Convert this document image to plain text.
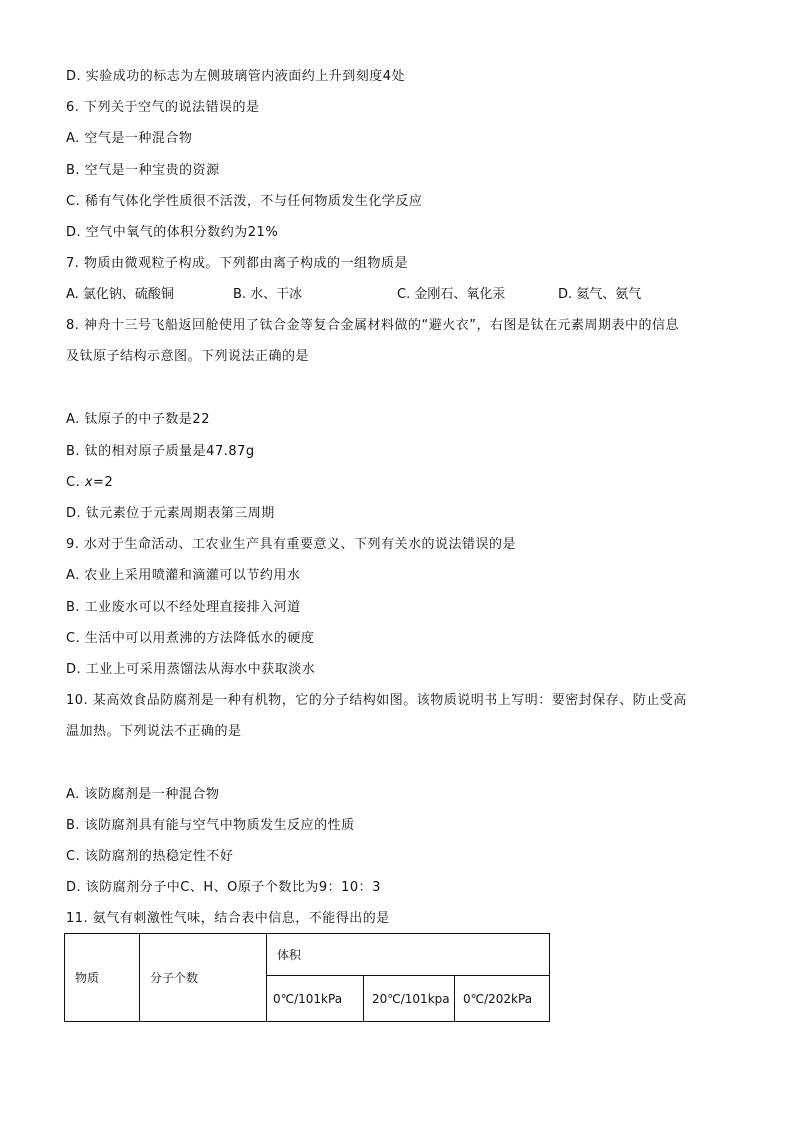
D. 实验成功的标志为左侧玻璃管内液面约上升到刻度4处
6. 下列关于空气的说法错误的是
A. 空气是一种混合物
B. 空气是一种宝贵的资源
C. 稀有气体化学性质很不活泼，不与任何物质发生化学反应
D. 空气中氧气的体积分数约为21%
7. 物质由微观粒子构成。下列都由离子构成的一组物质是
A. 氯化钠、硫酸铜	B. 水、干冰	C. 金刚石、氧化汞	D. 氦气、氨气
8. 神舟十三号飞船返回舱使用了钛合金等复合金属材料做的“避火衣”，右图是钛在元素周期表中的信息
及钛原子结构示意图。下列说法正确的是
A. 钛原子的中子数是22
B. 钛的相对原子质量是47.87g
C. x=2
D. 钛元素位于元素周期表第三周期
9. 水对于生命活动、工农业生产具有重要意义、下列有关水的说法错误的是
A. 农业上采用喷灌和滴灌可以节约用水
B. 工业废水可以不经处理直接排入河道
C. 生活中可以用煮沸的方法降低水的硬度
D. 工业上可采用蒸馏法从海水中获取淡水
10. 某高效食品防腐剂是一种有机物，它的分子结构如图。该物质说明书上写明：要密封保存、防止受高
温加热。下列说法不正确的是
A. 该防腐剂是一种混合物
B. 该防腐剂具有能与空气中物质发生反应的性质
C. 该防腐剂的热稳定性不好
D. 该防腐剂分子中C、H、O原子个数比为9：10：3
11. 氨气有刺激性气味，结合表中信息，不能得出的是
物质	分子个数	体积		
		0℃/101kPa	20℃/101kpa	0℃/202kPa
